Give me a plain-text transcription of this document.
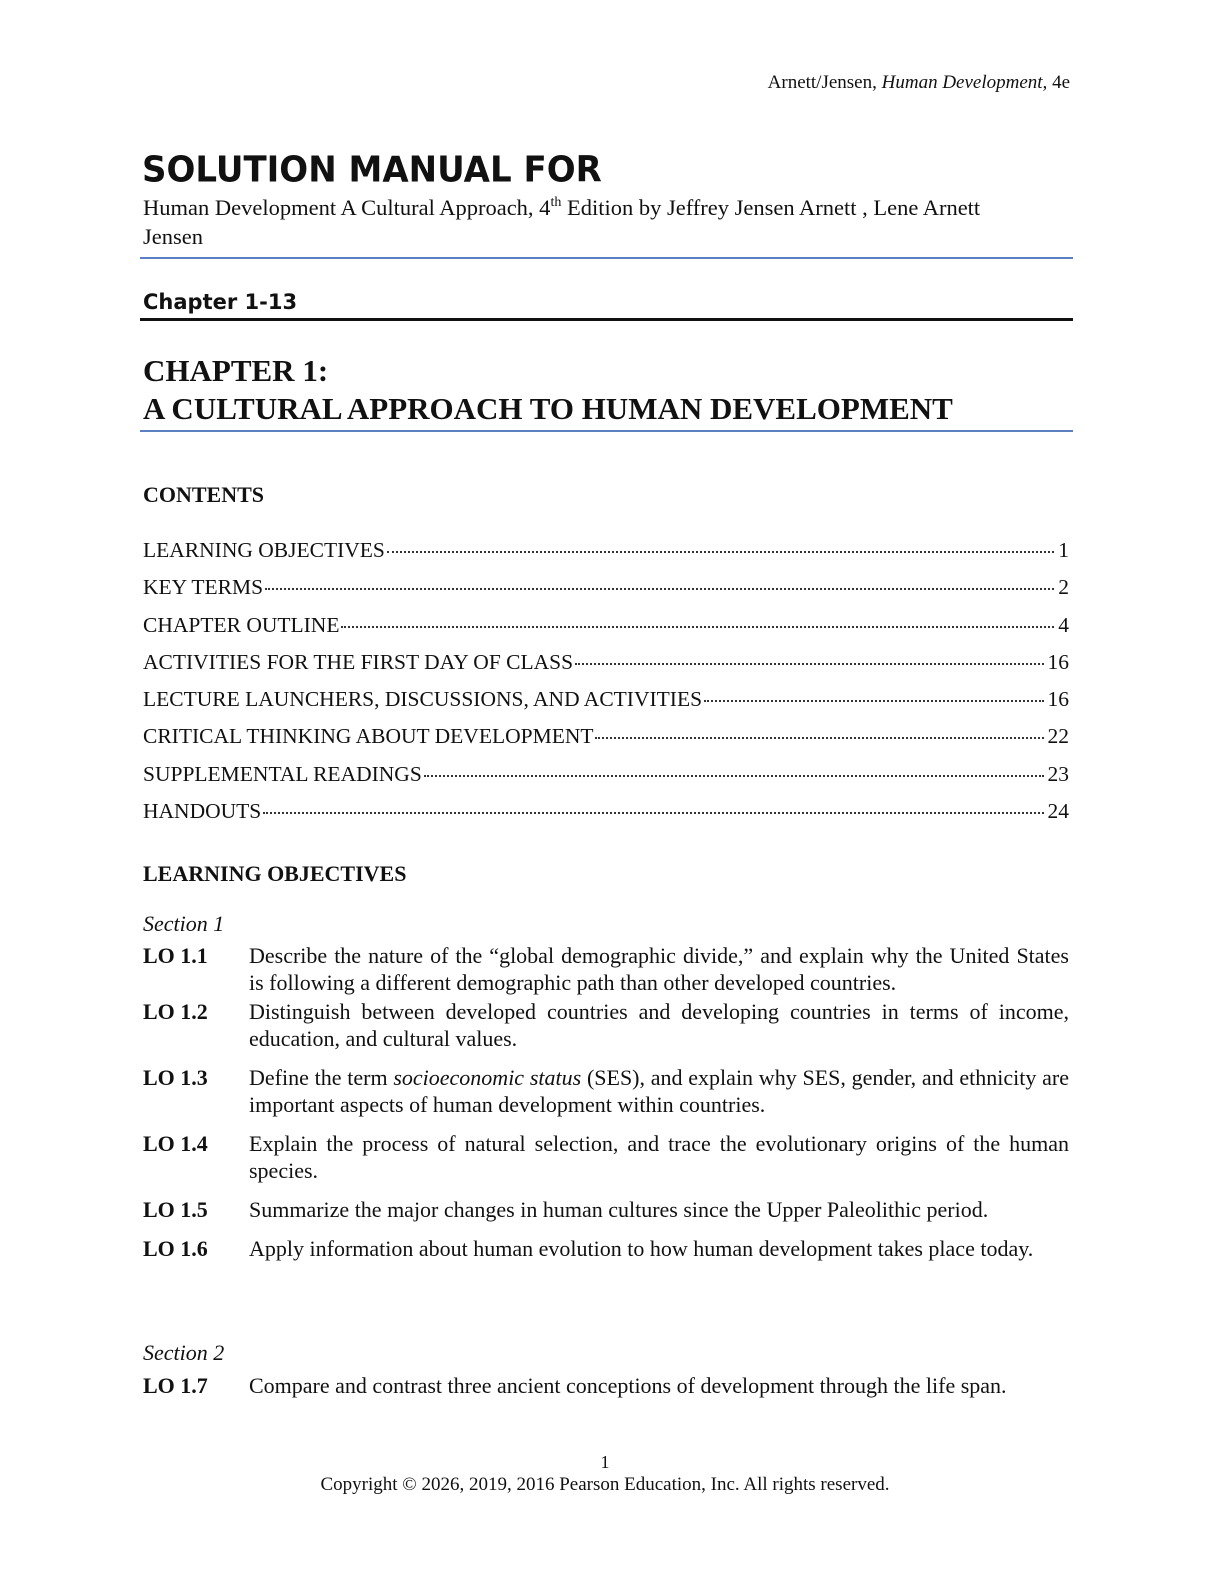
Arnett/Jensen, Human Development, 4e
SOLUTION MANUAL FOR
Human Development A Cultural Approach, 4th Edition by Jeffrey Jensen Arnett , Lene Arnett Jensen
Chapter 1-13
CHAPTER 1:
A CULTURAL APPROACH TO HUMAN DEVELOPMENT
CONTENTS
LEARNING OBJECTIVES	1
KEY TERMS	2
CHAPTER OUTLINE	4
ACTIVITIES FOR THE FIRST DAY OF CLASS	16
LECTURE LAUNCHERS, DISCUSSIONS, AND ACTIVITIES	16
CRITICAL THINKING ABOUT DEVELOPMENT	22
SUPPLEMENTAL READINGS	23
HANDOUTS	24
LEARNING OBJECTIVES
Section 1
LO 1.1	Describe the nature of the “global demographic divide,” and explain why the United States is following a different demographic path than other developed countries.
LO 1.2	Distinguish between developed countries and developing countries in terms of income, education, and cultural values.
LO 1.3	Define the term socioeconomic status (SES), and explain why SES, gender, and ethnicity are important aspects of human development within countries.
LO 1.4	Explain the process of natural selection, and trace the evolutionary origins of the human species.
LO 1.5	Summarize the major changes in human cultures since the Upper Paleolithic period.
LO 1.6	Apply information about human evolution to how human development takes place today.
Section 2
LO 1.7	Compare and contrast three ancient conceptions of development through the life span.
1
Copyright © 2026, 2019, 2016 Pearson Education, Inc. All rights reserved.
